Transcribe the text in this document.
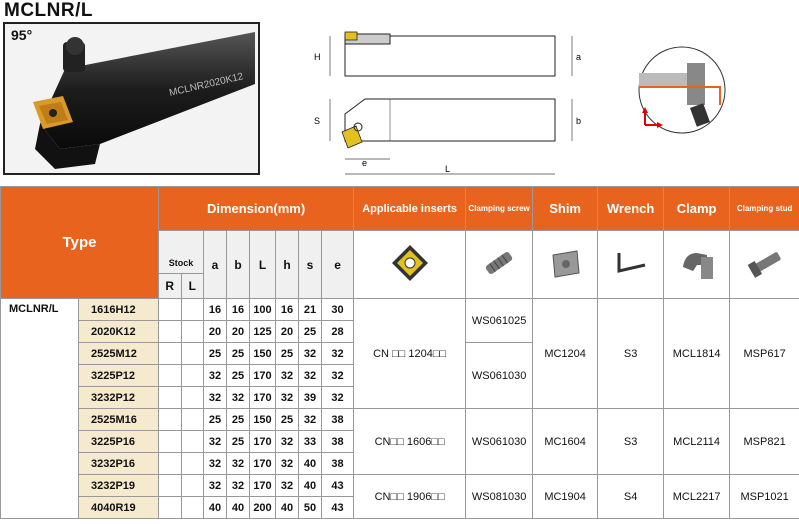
MCLNR/L
95°
MCLNR2020K12
H	a
S	b
e
L
Type		Dimension(mm)								Applicable inserts	Clamping screw	Shim	Wrench	Clamp	Clamping stud

		Stock
R L		a	b	L	h	s	e						
MCLNR/L	1616H12			16	16	100	16	21	30	CN □□ 1204□□	WS061025	MC1204	S3	MCL1814	MSP617
	2020K12			20	20	125	20	25	28						
	2525M12			25	25	150	25	32	32		WS061030				
	3225P12			32	25	170	32	32	32						
	3232P12			32	32	170	32	39	32						
	2525M16			25	25	150	25	32	38	CN□□ 1606□□	WS061030	MC1604	S3	MCL2114	MSP821
	3225P16			32	25	170	32	33	38						
	3232P16			32	32	170	32	40	38						
	3232P19			32	32	170	32	40	43	CN□□ 1906□□	WS081030	MC1904	S4	MCL2217	MSP1021
	4040R19			40	40	200	40	50	43						
